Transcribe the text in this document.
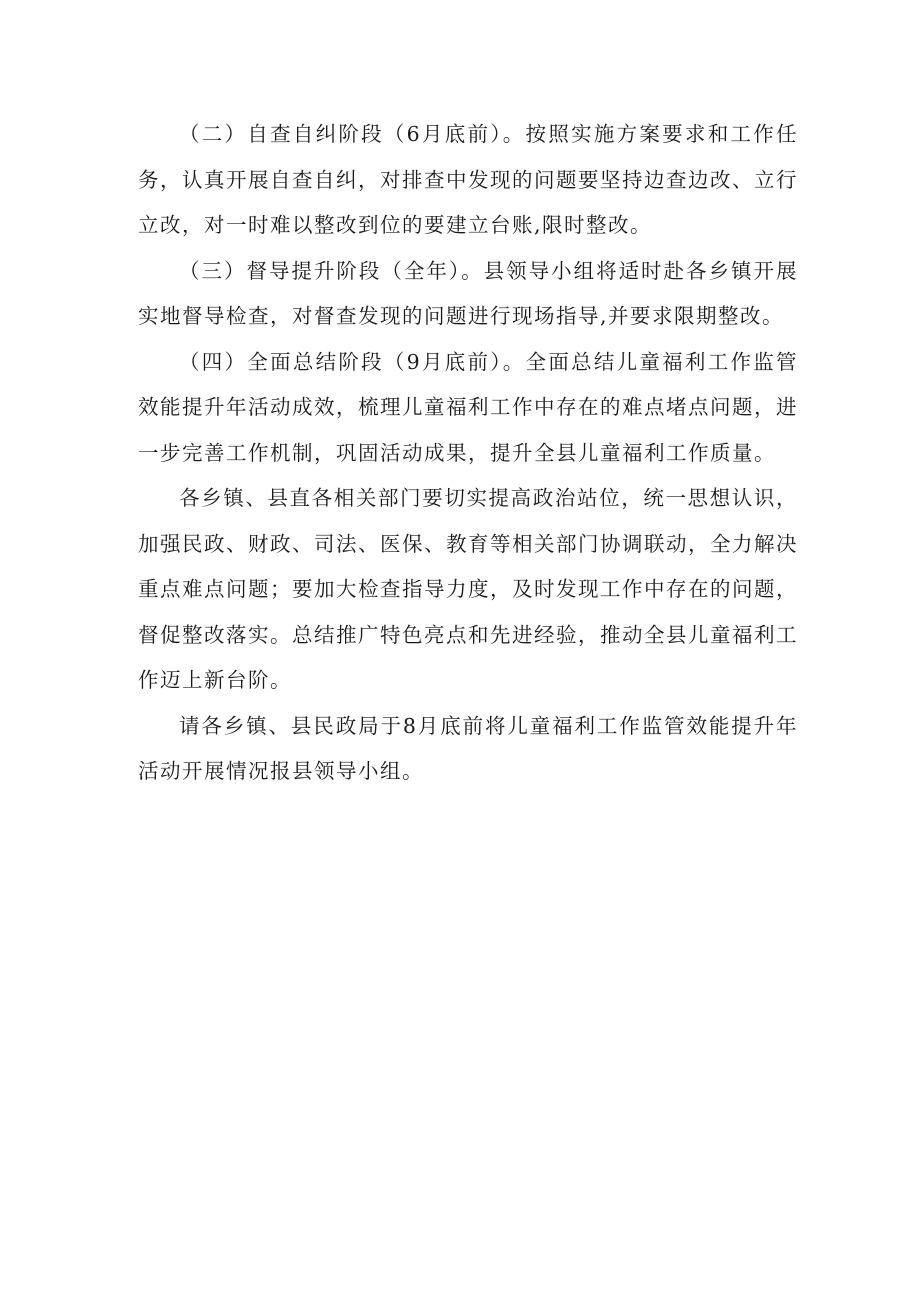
（二）自查自纠阶段（6月底前）。按照实施方案要求和工作任务，认真开展自查自纠，对排查中发现的问题要坚持边查边改、立行立改，对一时难以整改到位的要建立台账,限时整改。

（三）督导提升阶段（全年）。县领导小组将适时赴各乡镇开展实地督导检查，对督查发现的问题进行现场指导,并要求限期整改。

（四）全面总结阶段（9月底前）。全面总结儿童福利工作监管效能提升年活动成效，梳理儿童福利工作中存在的难点堵点问题，进一步完善工作机制，巩固活动成果，提升全县儿童福利工作质量。

各乡镇、县直各相关部门要切实提高政治站位，统一思想认识，加强民政、财政、司法、医保、教育等相关部门协调联动，全力解决重点难点问题；要加大检查指导力度，及时发现工作中存在的问题，督促整改落实。总结推广特色亮点和先进经验，推动全县儿童福利工作迈上新台阶。

请各乡镇、县民政局于8月底前将儿童福利工作监管效能提升年活动开展情况报县领导小组。
